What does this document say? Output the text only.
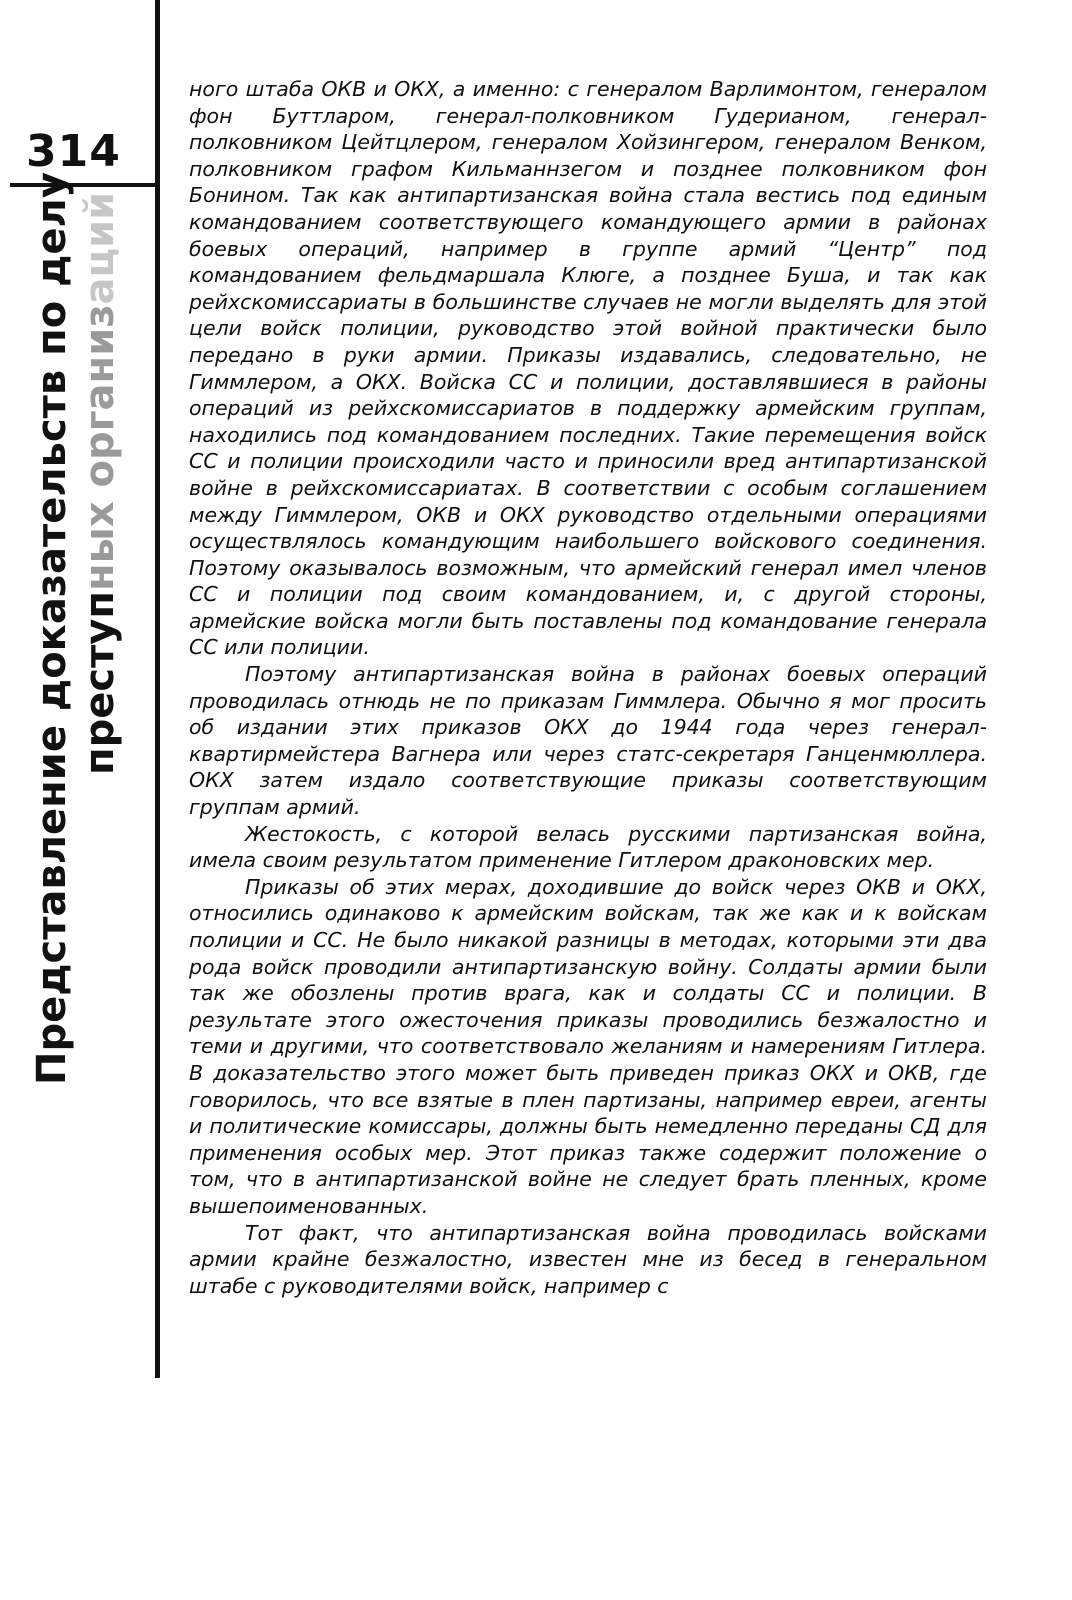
314
Представление доказательств по делу преступных организаций

ного штаба ОКВ и ОКХ, а именно: с генералом Варлимонтом, генералом фон Буттларом, генерал-полковником Гудерианом, генерал-полковником Цейтцлером, генералом Хойзингером, генералом Венком, полковником графом Кильманнзегом и позднее полковником фон Бонином. Так как антипартизанская война стала вестись под единым командованием соответствующего командующего армии в районах боевых операций, например в группе армий “Центр” под командованием фельдмаршала Клюге, а позднее Буша, и так как рейхскомиссариаты в большинстве случаев не могли выделять для этой цели войск полиции, руководство этой войной практически было передано в руки армии. Приказы издавались, следовательно, не Гиммлером, а ОКХ. Войска СС и полиции, доставлявшиеся в районы операций из рейхскомиссариатов в поддержку армейским группам, находились под командованием последних. Такие перемещения войск СС и полиции происходили часто и приносили вред антипартизанской войне в рейхскомиссариатах. В соответствии с особым соглашением между Гиммлером, ОКВ и ОКХ руководство отдельными операциями осуществлялось командующим наибольшего войскового соединения. Поэтому оказывалось возможным, что армейский генерал имел членов СС и полиции под своим командованием, и, с другой стороны, армейские войска могли быть поставлены под командование генерала СС или полиции.

Поэтому антипартизанская война в районах боевых операций проводилась отнюдь не по приказам Гиммлера. Обычно я мог просить об издании этих приказов ОКХ до 1944 года через генерал-квартирмейстера Вагнера или через статс-секретаря Ганценмюллера. ОКХ затем издало соответствующие приказы соответствующим группам армий.

Жестокость, с которой велась русскими партизанская война, имела своим результатом применение Гитлером драконовских мер.

Приказы об этих мерах, доходившие до войск через ОКВ и ОКХ, относились одинаково к армейским войскам, так же как и к войскам полиции и СС. Не было никакой разницы в методах, которыми эти два рода войск проводили антипартизанскую войну. Солдаты армии были так же обозлены против врага, как и солдаты СС и полиции. В результате этого ожесточения приказы проводились безжалостно и теми и другими, что соответствовало желаниям и намерениям Гитлера. В доказательство этого может быть приведен приказ ОКХ и ОКВ, где говорилось, что все взятые в плен партизаны, например евреи, агенты и политические комиссары, должны быть немедленно переданы СД для применения особых мер. Этот приказ также содержит положение о том, что в антипартизанской войне не следует брать пленных, кроме вышепоименованных.

Тот факт, что антипартизанская война проводилась войсками армии крайне безжалостно, известен мне из бесед в генеральном штабе с руководителями войск, например с
